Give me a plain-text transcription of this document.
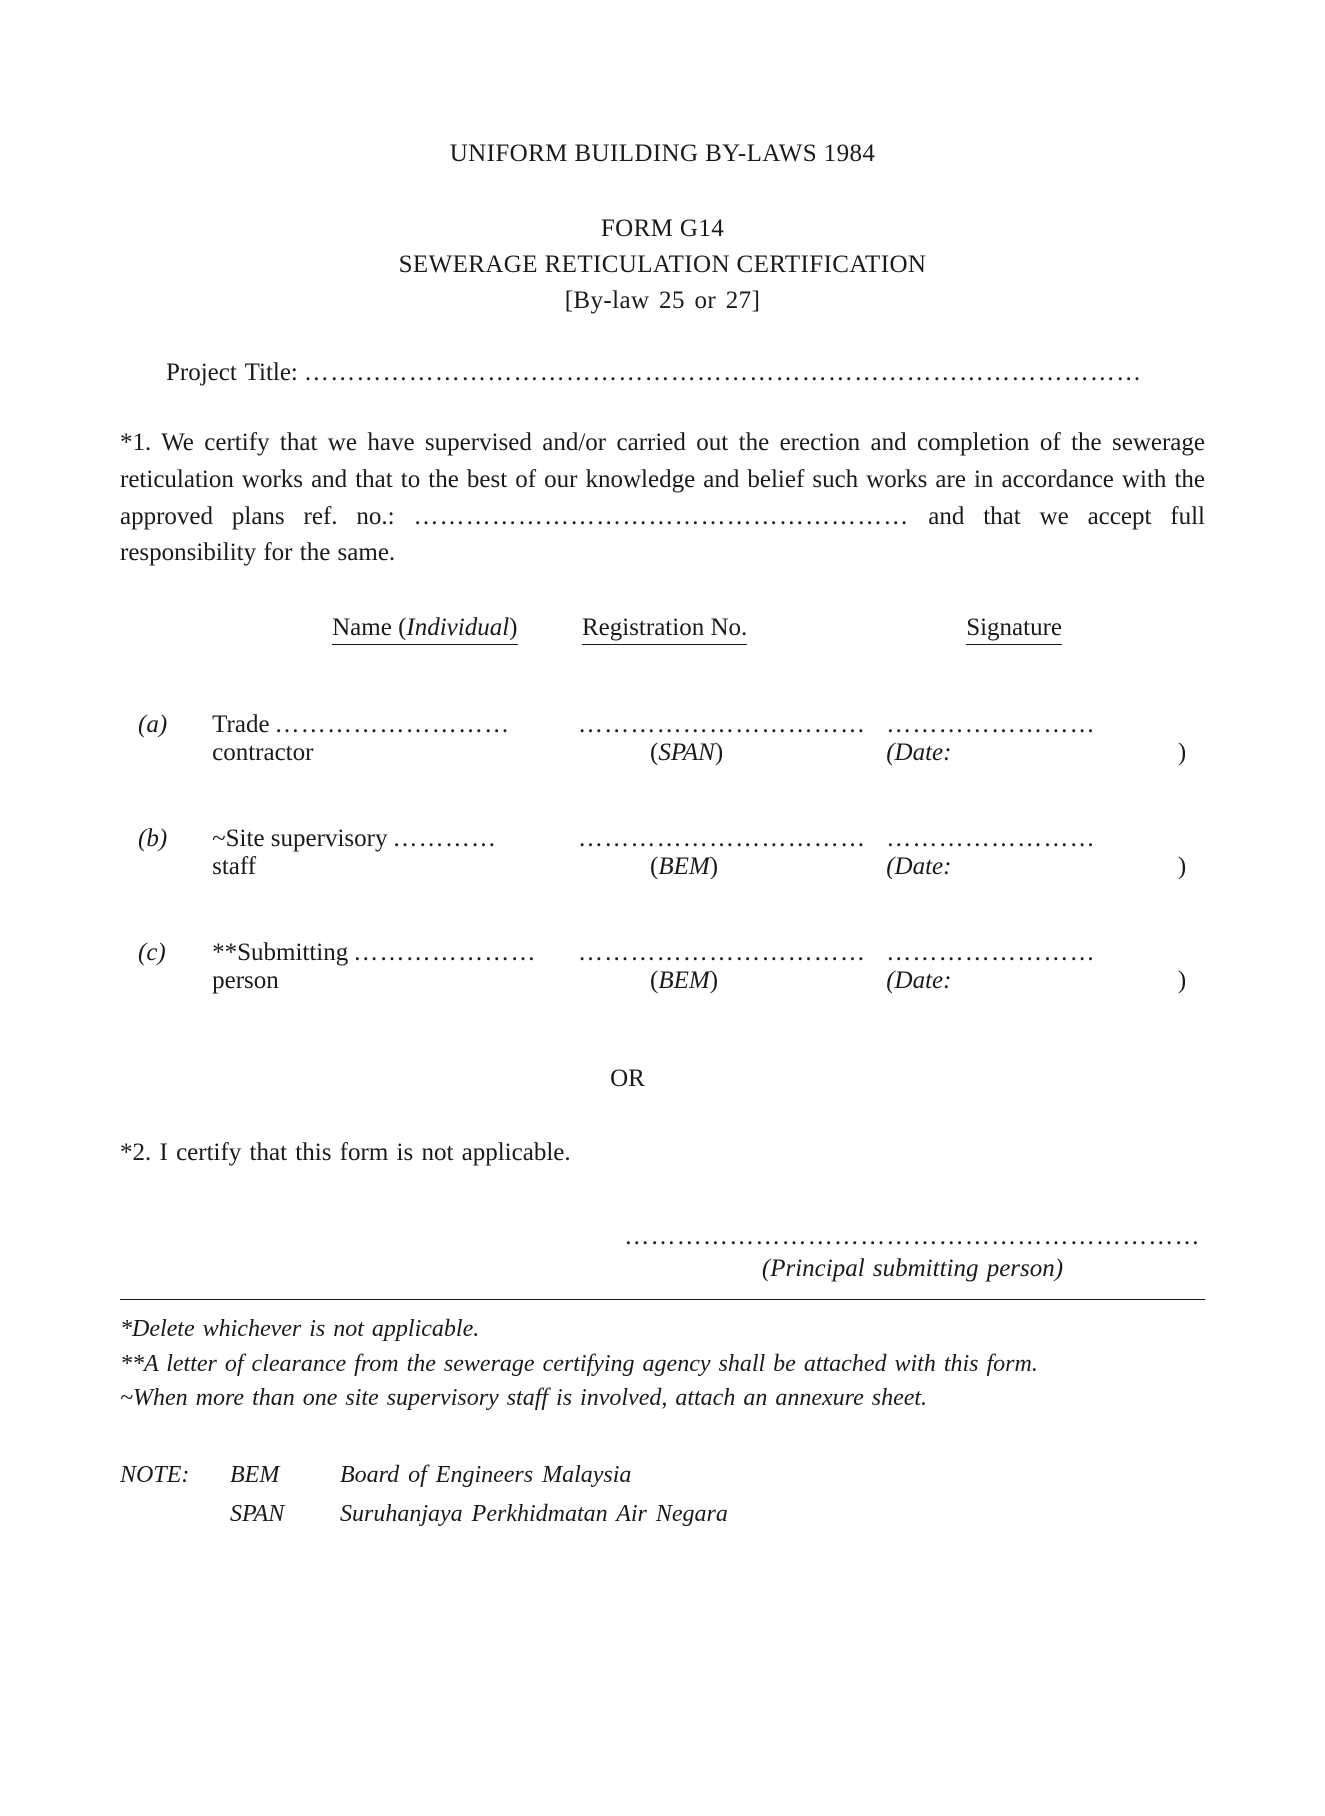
UNIFORM BUILDING BY-LAWS 1984
FORM G14
SEWERAGE RETICULATION CERTIFICATION
[By-law 25 or 27]
Project Title: ……………………………………………………………………………………
*1. We certify that we have supervised and/or carried out the erection and completion of the sewerage reticulation works and that to the best of our knowledge and belief such works are in accordance with the approved plans ref. no.: ………………………………………………… and that we accept full responsibility for the same.
	Name (Individual)	Registration No.	Signature

(a)	Trade ………………………	……………………………	……………………
	contractor	(SPAN)	( Date: )

(b)	~Site supervisory …………	……………………………	……………………
	staff	(BEM)	( Date: )

(c)	**Submitting …………………	……………………………	……………………
	person	(BEM)	( Date: )
OR
*2. I certify that this form is not applicable.
…………………………………………………………
(Principal submitting person)
*Delete whichever is not applicable.
**A letter of clearance from the sewerage certifying agency shall be attached with this form.
~When more than one site supervisory staff is involved, attach an annexure sheet.
NOTE:	BEM	Board of Engineers Malaysia
	SPAN	Suruhanjaya Perkhidmatan Air Negara
